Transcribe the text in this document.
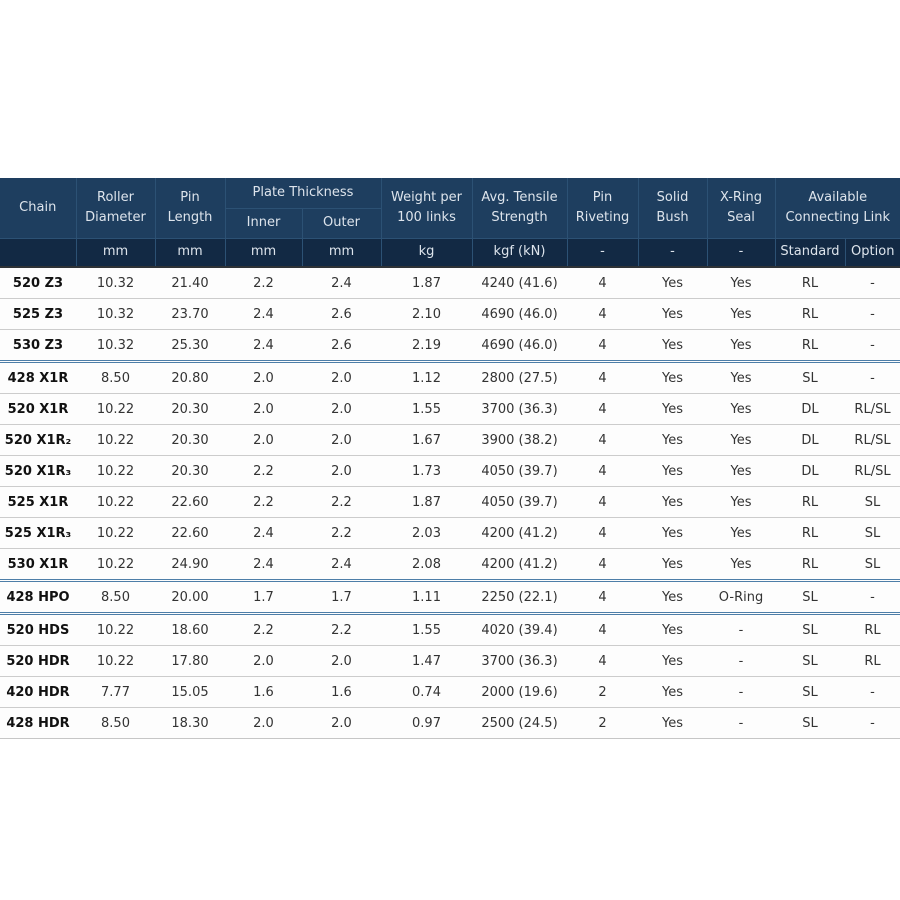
Chain	Roller Diameter	Pin Length	Plate Thickness		Weight per 100 links	Avg. Tensile Strength	Pin Riveting	Solid Bush	X-Ring Seal	Available Connecting Link	
			Inner	Outer							
	mm	mm	mm	mm	kg	kgf (kN)	-	-	-	Standard	Option
520 Z3	10.32	21.40	2.2	2.4	1.87	4240 (41.6)	4	Yes	Yes	RL	-
525 Z3	10.32	23.70	2.4	2.6	2.10	4690 (46.0)	4	Yes	Yes	RL	-
530 Z3	10.32	25.30	2.4	2.6	2.19	4690 (46.0)	4	Yes	Yes	RL	-
428 X1R	8.50	20.80	2.0	2.0	1.12	2800 (27.5)	4	Yes	Yes	SL	-
520 X1R	10.22	20.30	2.0	2.0	1.55	3700 (36.3)	4	Yes	Yes	DL	RL/SL
520 X1R₂	10.22	20.30	2.0	2.0	1.67	3900 (38.2)	4	Yes	Yes	DL	RL/SL
520 X1R₃	10.22	20.30	2.2	2.0	1.73	4050 (39.7)	4	Yes	Yes	DL	RL/SL
525 X1R	10.22	22.60	2.2	2.2	1.87	4050 (39.7)	4	Yes	Yes	RL	SL
525 X1R₃	10.22	22.60	2.4	2.2	2.03	4200 (41.2)	4	Yes	Yes	RL	SL
530 X1R	10.22	24.90	2.4	2.4	2.08	4200 (41.2)	4	Yes	Yes	RL	SL
428 HPO	8.50	20.00	1.7	1.7	1.11	2250 (22.1)	4	Yes	O-Ring	SL	-
520 HDS	10.22	18.60	2.2	2.2	1.55	4020 (39.4)	4	Yes	-	SL	RL
520 HDR	10.22	17.80	2.0	2.0	1.47	3700 (36.3)	4	Yes	-	SL	RL
420 HDR	7.77	15.05	1.6	1.6	0.74	2000 (19.6)	2	Yes	-	SL	-
428 HDR	8.50	18.30	2.0	2.0	0.97	2500 (24.5)	2	Yes	-	SL	-
